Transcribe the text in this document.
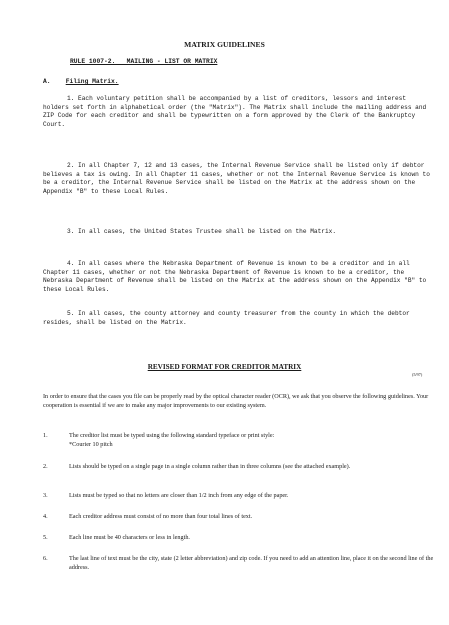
MATRIX GUIDELINES
RULE 1007-2.   MAILING - LIST OR MATRIX
A. Filing Matrix.

1. Each voluntary petition shall be accompanied by a list of creditors, lessors and interest holders set forth in alphabetical order (the "Matrix"). The Matrix shall include the mailing address and ZIP Code for each creditor and shall be typewritten on a form approved by the Clerk of the Bankruptcy Court.

2. In all Chapter 7, 12 and 13 cases, the Internal Revenue Service shall be listed only if debtor believes a tax is owing. In all Chapter 11 cases, whether or not the Internal Revenue Service is known to be a creditor, the Internal Revenue Service shall be listed on the Matrix at the address shown on the Appendix "B" to these Local Rules.

3. In all cases, the United States Trustee shall be listed on the Matrix.

4. In all cases where the Nebraska Department of Revenue is known to be a creditor and in all Chapter 11 cases, whether or not the Nebraska Department of Revenue is known to be a creditor, the Nebraska Department of Revenue shall be listed on the Matrix at the address shown on the Appendix "B" to these Local Rules.

5. In all cases, the county attorney and county treasurer from the county in which the debtor resides, shall be listed on the Matrix.

REVISED FORMAT FOR CREDITOR MATRIX
(5/97)

In order to ensure that the cases you file can be properly read by the optical character reader (OCR), we ask that you observe the following guidelines. Your cooperation is essential if we are to make any major improvements to our existing system.

1.	The creditor list must be typed using the following standard typeface or print style:
*Courier 10 pitch
2.	Lists should be typed on a single page in a single column rather than in three columns (see the attached example).
3.	Lists must be typed so that no letters are closer than 1/2 inch from any edge of the paper.
4.	Each creditor address must consist of no more than four total lines of text.
5.	Each line must be 40 characters or less in length.
6.	The last line of text must be the city, state (2 letter abbreviation) and zip code. If you need to add an attention line, place it on the second line of the address.
